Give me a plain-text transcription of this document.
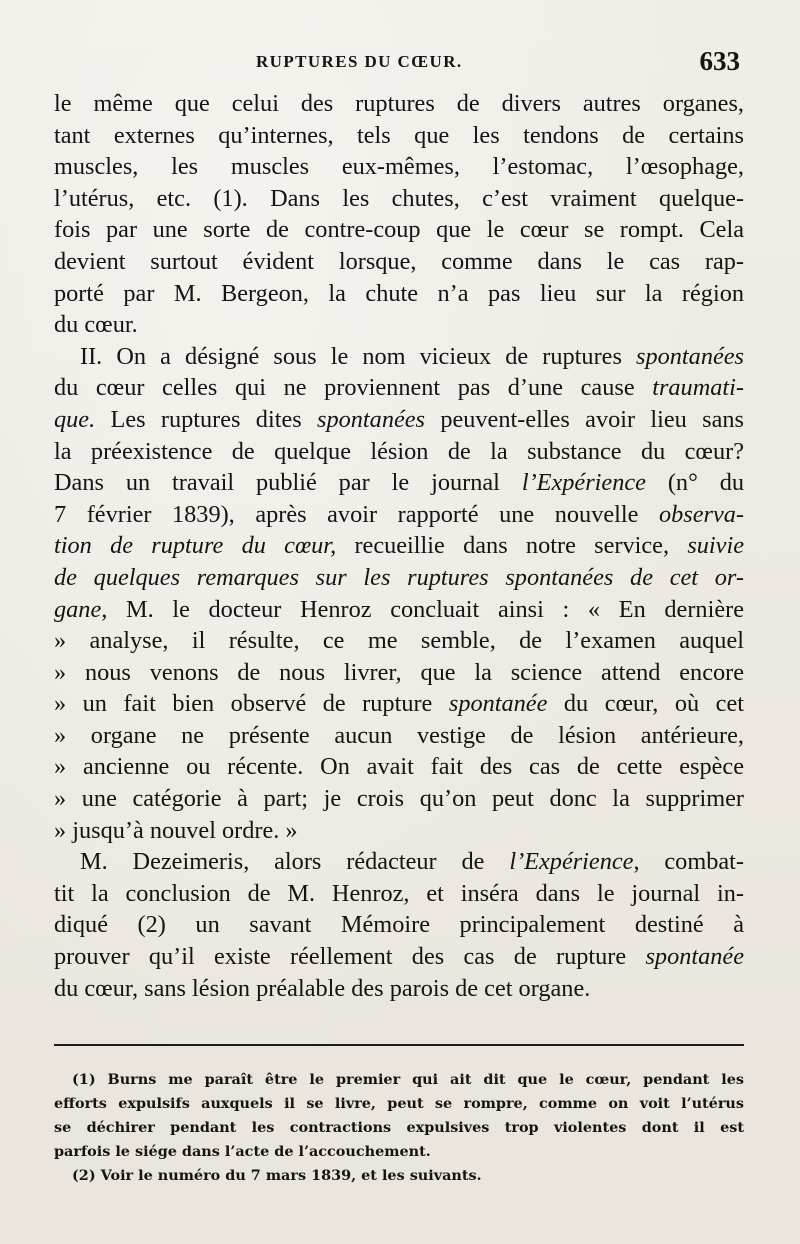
RUPTURES DU CŒUR.	633
le même que celui des ruptures de divers autres organes,
tant externes qu’internes, tels que les tendons de certains
muscles, les muscles eux-mêmes, l’estomac, l’œsophage,
l’utérus, etc. (1). Dans les chutes, c’est vraiment quelque-
fois par une sorte de contre-coup que le cœur se rompt. Cela
devient surtout évident lorsque, comme dans le cas rap-
porté par M. Bergeon, la chute n’a pas lieu sur la région
du cœur.
II. On a désigné sous le nom vicieux de ruptures spontanées
du cœur celles qui ne proviennent pas d’une cause traumati-
que. Les ruptures dites spontanées peuvent-elles avoir lieu sans
la préexistence de quelque lésion de la substance du cœur?
Dans un travail publié par le journal l’Expérience (n° du
7 février 1839), après avoir rapporté une nouvelle observa-
tion de rupture du cœur, recueillie dans notre service, suivie
de quelques remarques sur les ruptures spontanées de cet or-
gane, M. le docteur Henroz concluait ainsi : « En dernière
» analyse, il résulte, ce me semble, de l’examen auquel
» nous venons de nous livrer, que la science attend encore
» un fait bien observé de rupture spontanée du cœur, où cet
» organe ne présente aucun vestige de lésion antérieure,
» ancienne ou récente. On avait fait des cas de cette espèce
» une catégorie à part; je crois qu’on peut donc la supprimer
» jusqu’à nouvel ordre. »
M. Dezeimeris, alors rédacteur de l’Expérience, combat-
tit la conclusion de M. Henroz, et inséra dans le journal in-
diqué (2) un savant Mémoire principalement destiné à
prouver qu’il existe réellement des cas de rupture spontanée
du cœur, sans lésion préalable des parois de cet organe.
(1) Burns me paraît être le premier qui ait dit que le cœur, pendant les
efforts expulsifs auxquels il se livre, peut se rompre, comme on voit l’utérus
se déchirer pendant les contractions expulsives trop violentes dont il est
parfois le siége dans l’acte de l’accouchement.
(2) Voir le numéro du 7 mars 1839, et les suivants.
